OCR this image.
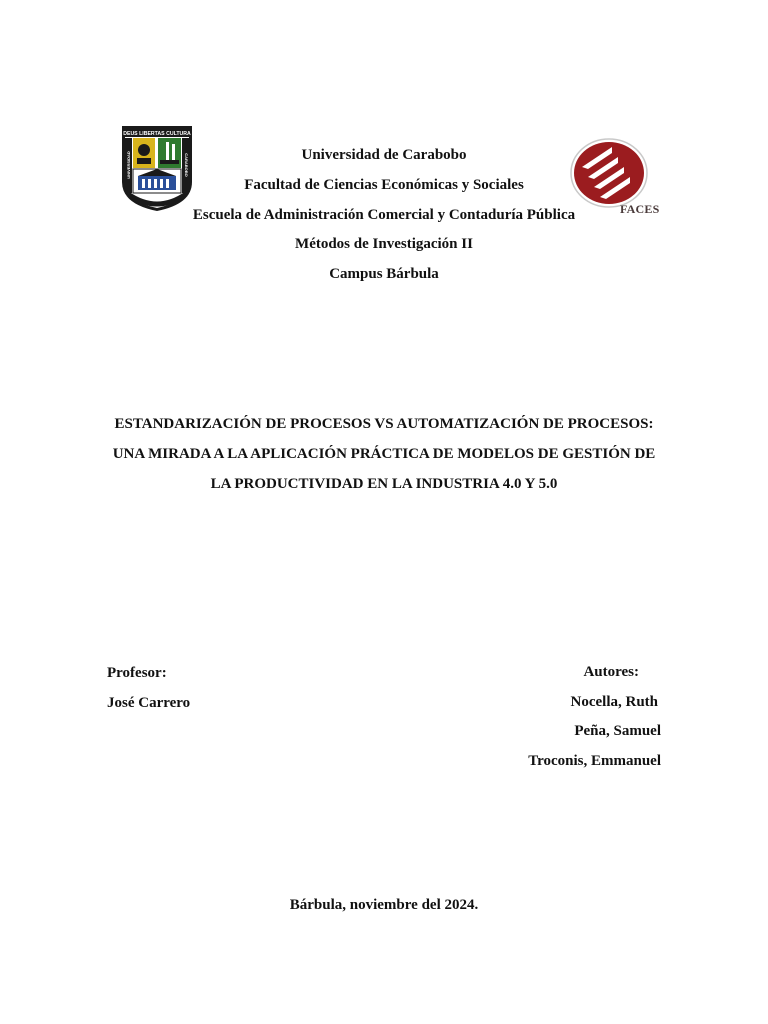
DEUS LIBERTAS CULTURA
UNIVERSIDAD	CARABOBO
FACES
Universidad de Carabobo
Facultad de Ciencias Económicas y Sociales
Escuela de Administración Comercial y Contaduría Pública
Métodos de Investigación II
Campus Bárbula
ESTANDARIZACIÓN DE PROCESOS VS AUTOMATIZACIÓN DE PROCESOS:
UNA MIRADA A LA APLICACIÓN PRÁCTICA DE MODELOS DE GESTIÓN DE
LA PRODUCTIVIDAD EN LA INDUSTRIA 4.0 Y 5.0
Profesor:
José Carrero
Autores:
Nocella, Ruth
Peña, Samuel
Troconis, Emmanuel
Bárbula, noviembre del 2024.
